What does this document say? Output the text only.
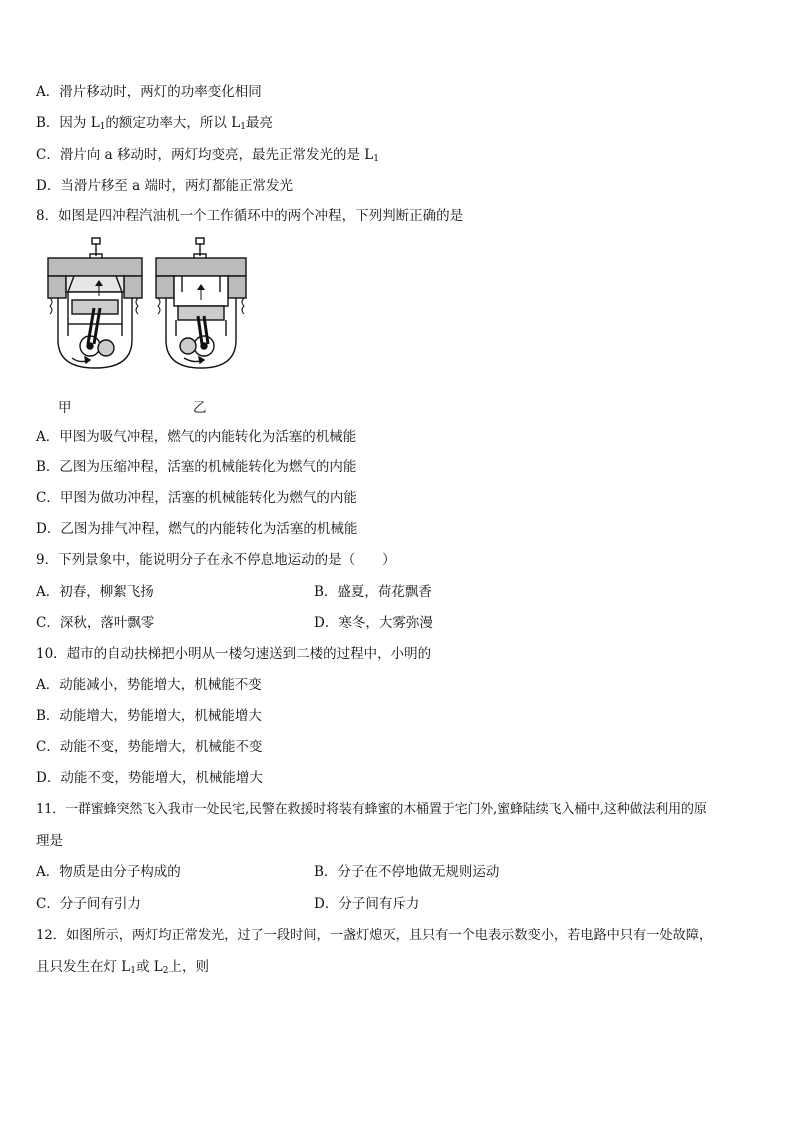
A．滑片移动时，两灯的功率变化相同
B．因为 $L_1$的额定功率大，所以 $L_1$最亮
C．滑片向 a 移动时，两灯均变亮，最先正常发光的是 $L_1$
D．当滑片移至 a 端时，两灯都能正常发光
8．如图是四冲程汽油机一个工作循环中的两个冲程，下列判断正确的是
甲	乙
A．甲图为吸气冲程，燃气的内能转化为活塞的机械能
B．乙图为压缩冲程，活塞的机械能转化为燃气的内能
C．甲图为做功冲程，活塞的机械能转化为燃气的内能
D．乙图为排气冲程，燃气的内能转化为活塞的机械能
9．下列景象中，能说明分子在永不停息地运动的是（　　）
A．初春，柳絮飞扬	B．盛夏，荷花飘香
C．深秋，落叶飘零	D．寒冬，大雾弥漫
10．超市的自动扶梯把小明从一楼匀速送到二楼的过程中，小明的
A．动能减小，势能增大，机械能不变
B．动能增大，势能增大，机械能增大
C．动能不变，势能增大，机械能不变
D．动能不变，势能增大，机械能增大
11．一群蜜蜂突然飞入我市一处民宅,民警在救援时将装有蜂蜜的木桶置于宅门外,蜜蜂陆续飞入桶中,这种做法利用的原
理是
A．物质是由分子构成的	B．分子在不停地做无规则运动
C．分子间有引力	D．分子间有斥力
12．如图所示，两灯均正常发光，过了一段时间，一盏灯熄灭，且只有一个电表示数变小，若电路中只有一处故障，
且只发生在灯 $L_1$或 $L_2$上，则
